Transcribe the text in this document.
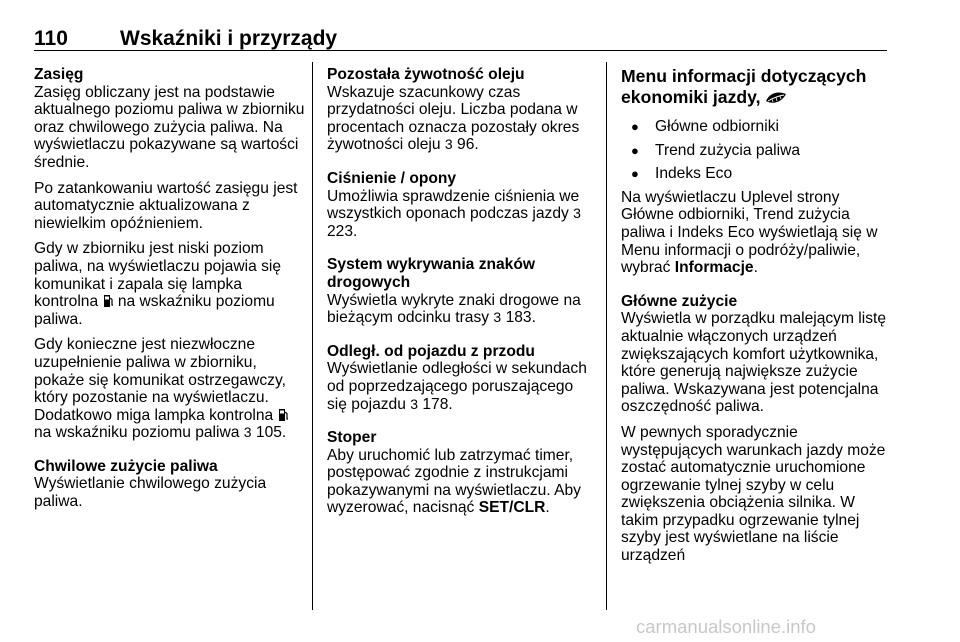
110 Wskaźniki i przyrządy

Zasięg

Zasięg obliczany jest na podstawie aktualnego poziomu paliwa w zbiorniku oraz chwilowego zużycia paliwa. Na wyświetlaczu pokazywane są wartości średnie.

Po zatankowaniu wartość zasięgu jest automatycznie aktualizowana z niewielkim opóźnieniem.

Gdy w zbiorniku jest niski poziom paliwa, na wyświetlaczu pojawia się komunikat i zapala się lampka kontrolna na wskaźniku poziomu paliwa.

Gdy konieczne jest niezwłoczne uzupełnienie paliwa w zbiorniku, pokaże się komunikat ostrzegawczy, który pozostanie na wyświetlaczu. Dodatkowo miga lampka kontrolna  na wskaźniku poziomu paliwa 3 105.

Chwilowe zużycie paliwa

Wyświetlanie chwilowego zużycia paliwa.

Pozostała żywotność oleju

Wskazuje szacunkowy czas przydatności oleju. Liczba podana w procentach oznacza pozostały okres żywotności oleju 3 96.

Ciśnienie / opony

Umożliwia sprawdzenie ciśnienia we wszystkich oponach podczas jazdy 3 223.

System wykrywania znaków drogowych

Wyświetla wykryte znaki drogowe na bieżącym odcinku trasy 3 183.

Odległ. od pojazdu z przodu

Wyświetlanie odległości w sekundach od poprzedzającego poruszającego się pojazdu 3 178.

Stoper

Aby uruchomić lub zatrzymać timer, postępować zgodnie z instrukcjami pokazywanymi na wyświetlaczu. Aby wyzerować, nacisnąć SET/CLR.

Menu informacji dotyczących ekonomiki jazdy,

● Główne odbiorniki
● Trend zużycia paliwa
● Indeks Eco

Na wyświetlaczu Uplevel strony Główne odbiorniki, Trend zużycia paliwa i Indeks Eco wyświetlają się w Menu informacji o podróży/paliwie, wybrać Informacje.

Główne zużycie

Wyświetla w porządku malejącym listę aktualnie włączonych urządzeń zwiększających komfort użytkownika, które generują największe zużycie paliwa. Wskazywana jest potencjalna oszczędność paliwa.

W pewnych sporadycznie występujących warunkach jazdy może zostać automatycznie uruchomione ogrzewanie tylnej szyby w celu zwiększenia obciążenia silnika. W takim przypadku ogrzewanie tylnej szyby jest wyświetlane na liście urządzeń

carmanualsonline.info
